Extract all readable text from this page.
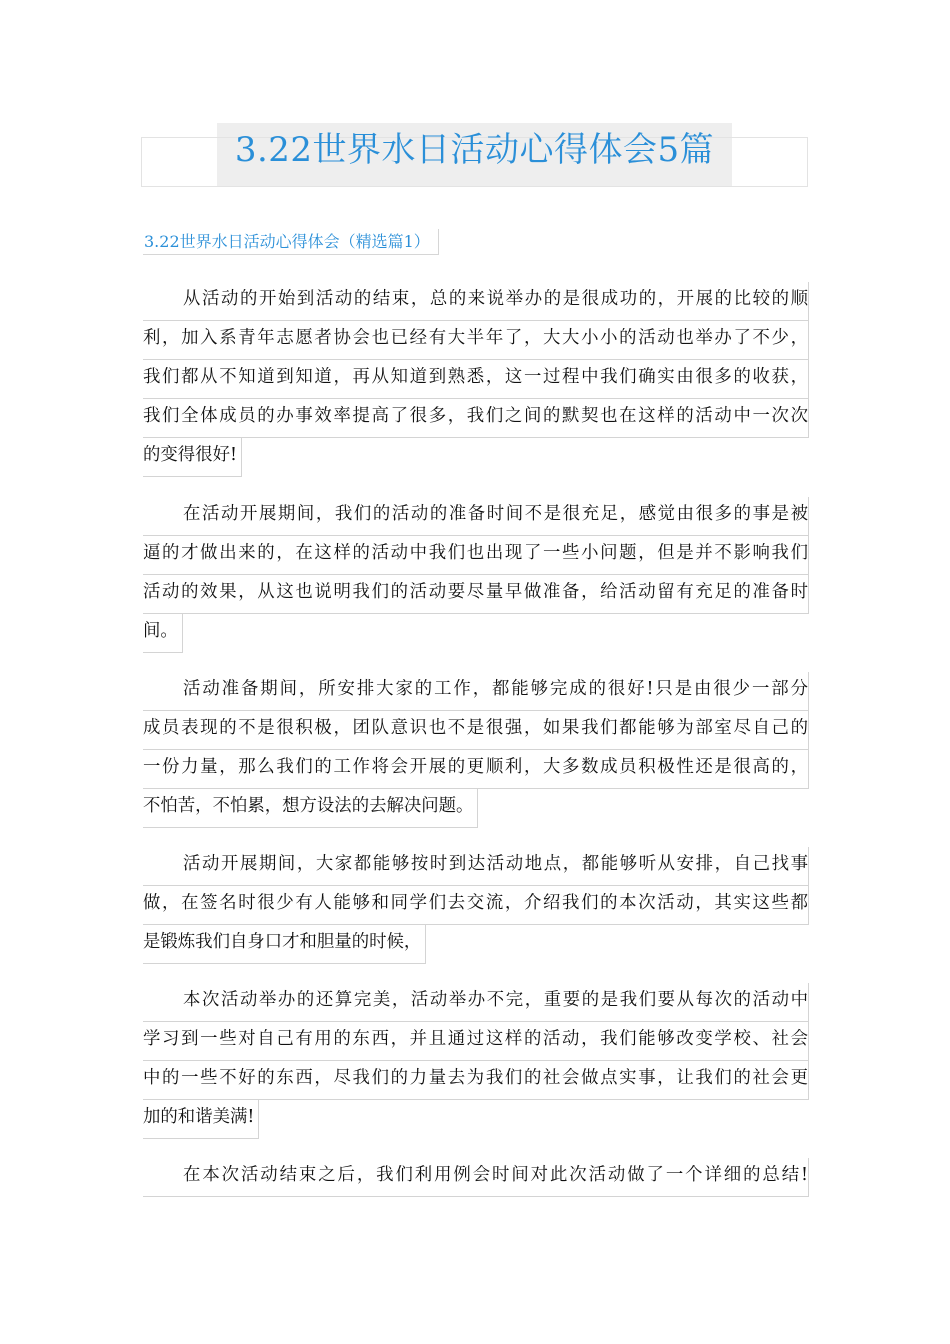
3.22世界水日活动心得体会5篇
3.22世界水日活动心得体会（精选篇1）
从活动的开始到活动的结束，总的来说举办的是很成功的，开展的比较的顺
利，加入系青年志愿者协会也已经有大半年了，大大小小的活动也举办了不少，
我们都从不知道到知道，再从知道到熟悉，这一过程中我们确实由很多的收获，
我们全体成员的办事效率提高了很多，我们之间的默契也在这样的活动中一次次
的变得很好!
在活动开展期间，我们的活动的准备时间不是很充足，感觉由很多的事是被
逼的才做出来的，在这样的活动中我们也出现了一些小问题，但是并不影响我们
活动的效果，从这也说明我们的活动要尽量早做准备，给活动留有充足的准备时
间。
活动准备期间，所安排大家的工作，都能够完成的很好!只是由很少一部分
成员表现的不是很积极，团队意识也不是很强，如果我们都能够为部室尽自己的
一份力量，那么我们的工作将会开展的更顺利，大多数成员积极性还是很高的，
不怕苦，不怕累，想方设法的去解决问题。
活动开展期间，大家都能够按时到达活动地点，都能够听从安排，自己找事
做，在签名时很少有人能够和同学们去交流，介绍我们的本次活动，其实这些都
是锻炼我们自身口才和胆量的时候，
本次活动举办的还算完美，活动举办不完，重要的是我们要从每次的活动中
学习到一些对自己有用的东西，并且通过这样的活动，我们能够改变学校、社会
中的一些不好的东西，尽我们的力量去为我们的社会做点实事，让我们的社会更
加的和谐美满!
在本次活动结束之后，我们利用例会时间对此次活动做了一个详细的总结!
